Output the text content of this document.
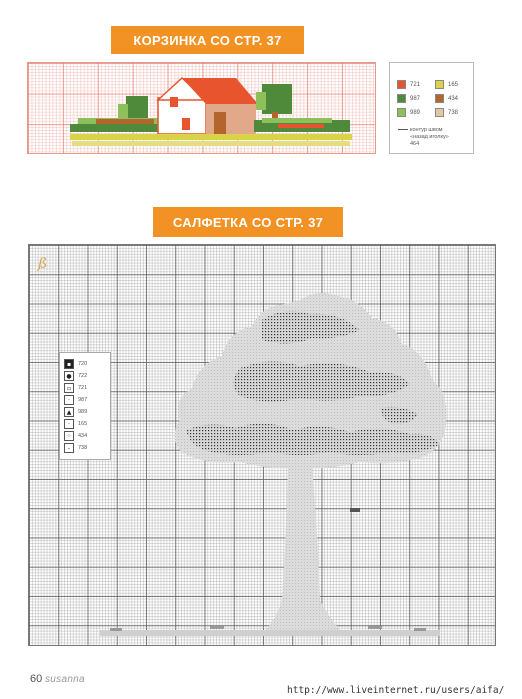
КОРЗИНКА СО СТР. 37
721	165
987	434
989	738
контур швом
«назад иголку»
464
САЛФЕТКА СО СТР. 37
ß
▪	720
●	722
▫	721
·	987
▲	989
·	165
⁘	434
-	738
60 susanna
http://www.liveinternet.ru/users/aifa/
